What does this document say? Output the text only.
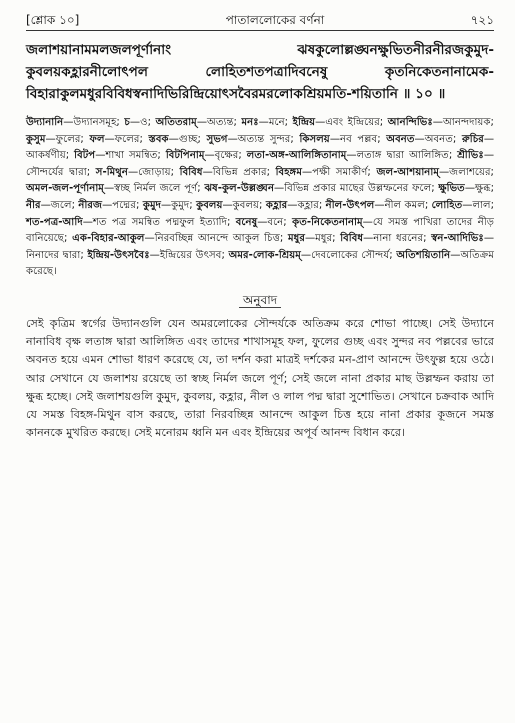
[শ্লোক ১০]	পাতাললোকের বর্ণনা	৭২১

জলাশয়ানামমলজলপূর্ণানাং ঝষকুলোল্লঙ্ঘনক্ষুভিতনীরনীরজকুমুদ-কুবলয়কহ্লারনীলোৎপল লোহিতশতপত্রাদিবনেষু কৃতনিকেতনানামেক-বিহারাকুলমধুরবিবিধস্বনাদিভিরিন্দ্রিয়োৎসবৈরমরলোকশ্রিয়মতি-শয়িতানি ॥ ১০ ॥

উদ্যানানি—উদ্যানসমূহ; চ—ও; অতিতরাম্—অত্যন্ত; মনঃ—মনে; ইন্দ্রিয়—এবং ইন্দ্রিয়ের; আনন্দিভিঃ—আনন্দদায়ক; কুসুম—ফুলের; ফল—ফলের; স্তবক—গুচ্ছ; সুভগ—অত্যন্ত সুন্দর; কিসলয়—নব পল্লব; অবনত—অবনত; রুচির—আকর্ষণীয়; বিটপ—শাখা সমন্বিত; বিটপিনাম্—বৃক্ষের; লতা-অঙ্গ-আলিঙ্গিতানাম্—লতাঙ্গ দ্বারা আলিঙ্গিত; শ্রীভিঃ—সৌন্দর্যের দ্বারা; স-মিথুন—জোড়ায়; বিবিধ—বিভিন্ন প্রকার; বিহঙ্গম—পক্ষী সমাকীর্ণ; জল-আশয়ানাম্—জলাশয়ের; অমল-জল-পূর্ণানাম্—স্বচ্ছ নির্মল জলে পূর্ণ; ঝষ-কুল-উল্লঙ্ঘন—বিভিন্ন প্রকার মাছের উল্লম্ফনের ফলে; ক্ষুভিত—ক্ষুব্ধ; নীর—জলে; নীরজ—পদ্মের; কুমুদ—কুমুদ; কুবলয়—কুবলয়; কহ্লার—কহ্লার; নীল-উৎপল—নীল কমল; লোহিত—লাল; শত-পত্র-আদি—শত পত্র সমন্বিত পদ্মফুল ইত্যাদি; বনেষু—বনে; কৃত-নিকেতনানাম্—যে সমস্ত পাখিরা তাদের নীড় বানিয়েছে; এক-বিহার-আকুল—নিরবচ্ছিন্ন আনন্দে আকুল চিত্ত; মধুর—মধুর; বিবিধ—নানা ধরনের; স্বন-আদিভিঃ—নিনাদের দ্বারা; ইন্দ্রিয়-উৎসবৈঃ—ইন্দ্রিয়ের উৎসব; অমর-লোক-শ্রিয়ম্—দেবলোকের সৌন্দর্য; অতিশয়িতানি—অতিক্রম করেছে।

অনুবাদ

সেই কৃত্রিম স্বর্গের উদ্যানগুলি যেন অমরলোকের সৌন্দর্যকে অতিক্রম করে শোভা পাচ্ছে। সেই উদ্যানে নানাবিধ বৃক্ষ লতাঙ্গ দ্বারা আলিঙ্গিত এবং তাদের শাখাসমূহ ফল, ফুলের গুচ্ছ এবং সুন্দর নব পল্লবের ভারে অবনত হয়ে এমন শোভা ধারণ করেছে যে, তা দর্শন করা মাত্রই দর্শকের মন-প্রাণ আনন্দে উৎফুল্ল হয়ে ওঠে। আর সেখানে যে জলাশয় রয়েছে তা স্বচ্ছ নির্মল জলে পূর্ণ; সেই জলে নানা প্রকার মাছ উল্লম্ফন করায় তা ক্ষুব্ধ হচ্ছে। সেই জলাশয়গুলি কুমুদ, কুবলয়, কহ্লার, নীল ও লাল পদ্ম দ্বারা সুশোভিত। সেখানে চক্রবাক আদি যে সমস্ত বিহঙ্গ-মিথুন বাস করছে, তারা নিরবচ্ছিন্ন আনন্দে আকুল চিত্ত হয়ে নানা প্রকার কূজনে সমস্ত কাননকে মুখরিত করছে। সেই মনোরম ধ্বনি মন এবং ইন্দ্রিয়ের অপূর্ব আনন্দ বিধান করে।
